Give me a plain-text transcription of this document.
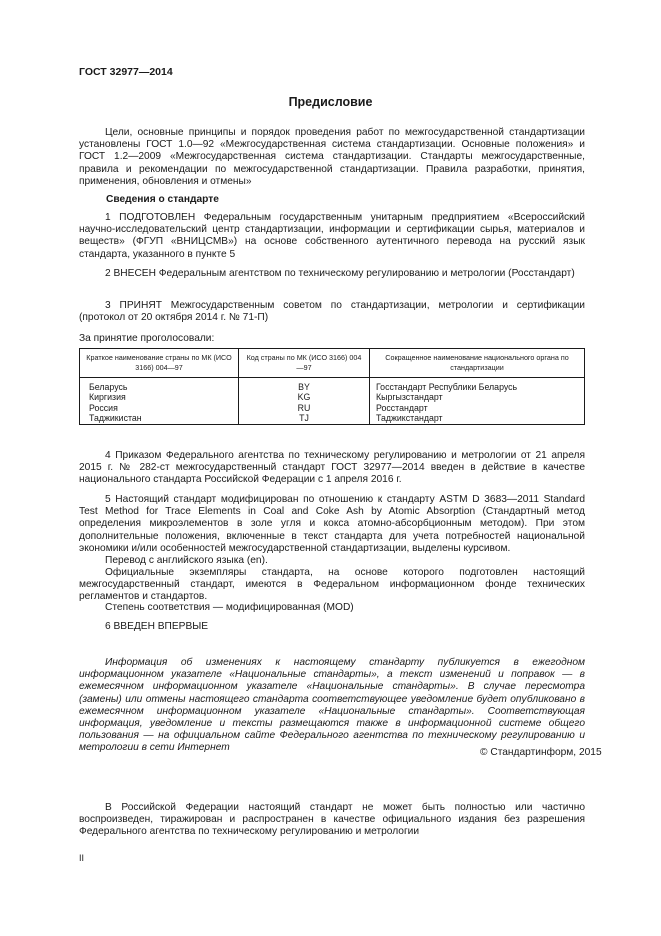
ГОСТ 32977—2014
Предисловие

Цели, основные принципы и порядок проведения работ по межгосударственной стандартизации установлены ГОСТ 1.0—92 «Межгосударственная система стандартизации. Основные положения» и ГОСТ 1.2—2009 «Межгосударственная система стандартизации. Стандарты межгосударственные, правила и рекомендации по межгосударственной стандартизации. Правила разработки, принятия, применения, обновления и отмены»

Сведения о стандарте

1 ПОДГОТОВЛЕН Федеральным государственным унитарным предприятием «Всероссийский научно-исследовательский центр стандартизации, информации и сертификации сырья, материалов и веществ» (ФГУП «ВНИЦСМВ») на основе собственного аутентичного перевода на русский язык стандарта, указанного в пункте 5

2 ВНЕСЕН Федеральным агентством по техническому регулированию и метрологии (Росстандарт)

3 ПРИНЯТ Межгосударственным советом по стандартизации, метрологии и сертификации (протокол от 20 октября 2014 г. № 71-П)

За принятие проголосовали:

Краткое наименование страны по МК (ИСО 3166) 004—97	Код страны по МК (ИСО 3166) 004—97	Сокращенное наименование национального органа по стандартизации
Беларусь	BY	Госстандарт Республики Беларусь
Киргизия	KG	Кыргызстандарт
Россия	RU	Росстандарт
Таджикистан	TJ	Таджикстандарт

4 Приказом Федерального агентства по техническому регулированию и метрологии от 21 апреля 2015 г. № 282-ст межгосударственный стандарт ГОСТ 32977—2014 введен в действие в качестве национального стандарта Российской Федерации с 1 апреля 2016 г.

5 Настоящий стандарт модифицирован по отношению к стандарту ASTM D 3683—2011 Standard Test Method for Trace Elements in Coal and Coke Ash by Atomic Absorption (Стандартный метод определения микроэлементов в золе угля и кокса атомно-абсорбционным методом). При этом дополнительные положения, включенные в текст стандарта для учета потребностей национальной экономики и/или особенностей межгосударственной стандартизации, выделены курсивом.

Перевод с английского языка (en).

Официальные экземпляры стандарта, на основе которого подготовлен настоящий межгосударственный стандарт, имеются в Федеральном информационном фонде технических регламентов и стандартов.

Степень соответствия — модифицированная (MOD)

6 ВВЕДЕН ВПЕРВЫЕ

Информация об изменениях к настоящему стандарту публикуется в ежегодном информационном указателе «Национальные стандарты», а текст изменений и поправок — в ежемесячном информационном указателе «Национальные стандарты». В случае пересмотра (замены) или отмены настоящего стандарта соответствующее уведомление будет опубликовано в ежемесячном информационном указателе «Национальные стандарты». Соответствующая информация, уведомление и тексты размещаются также в информационной системе общего пользования — на официальном сайте Федерального агентства по техническому регулированию и метрологии в сети Интернет	© Стандартинформ, 2015

В Российской Федерации настоящий стандарт не может быть полностью или частично воспроизведен, тиражирован и распространен в качестве официального издания без разрешения Федерального агентства по техническому регулированию и метрологии

II
